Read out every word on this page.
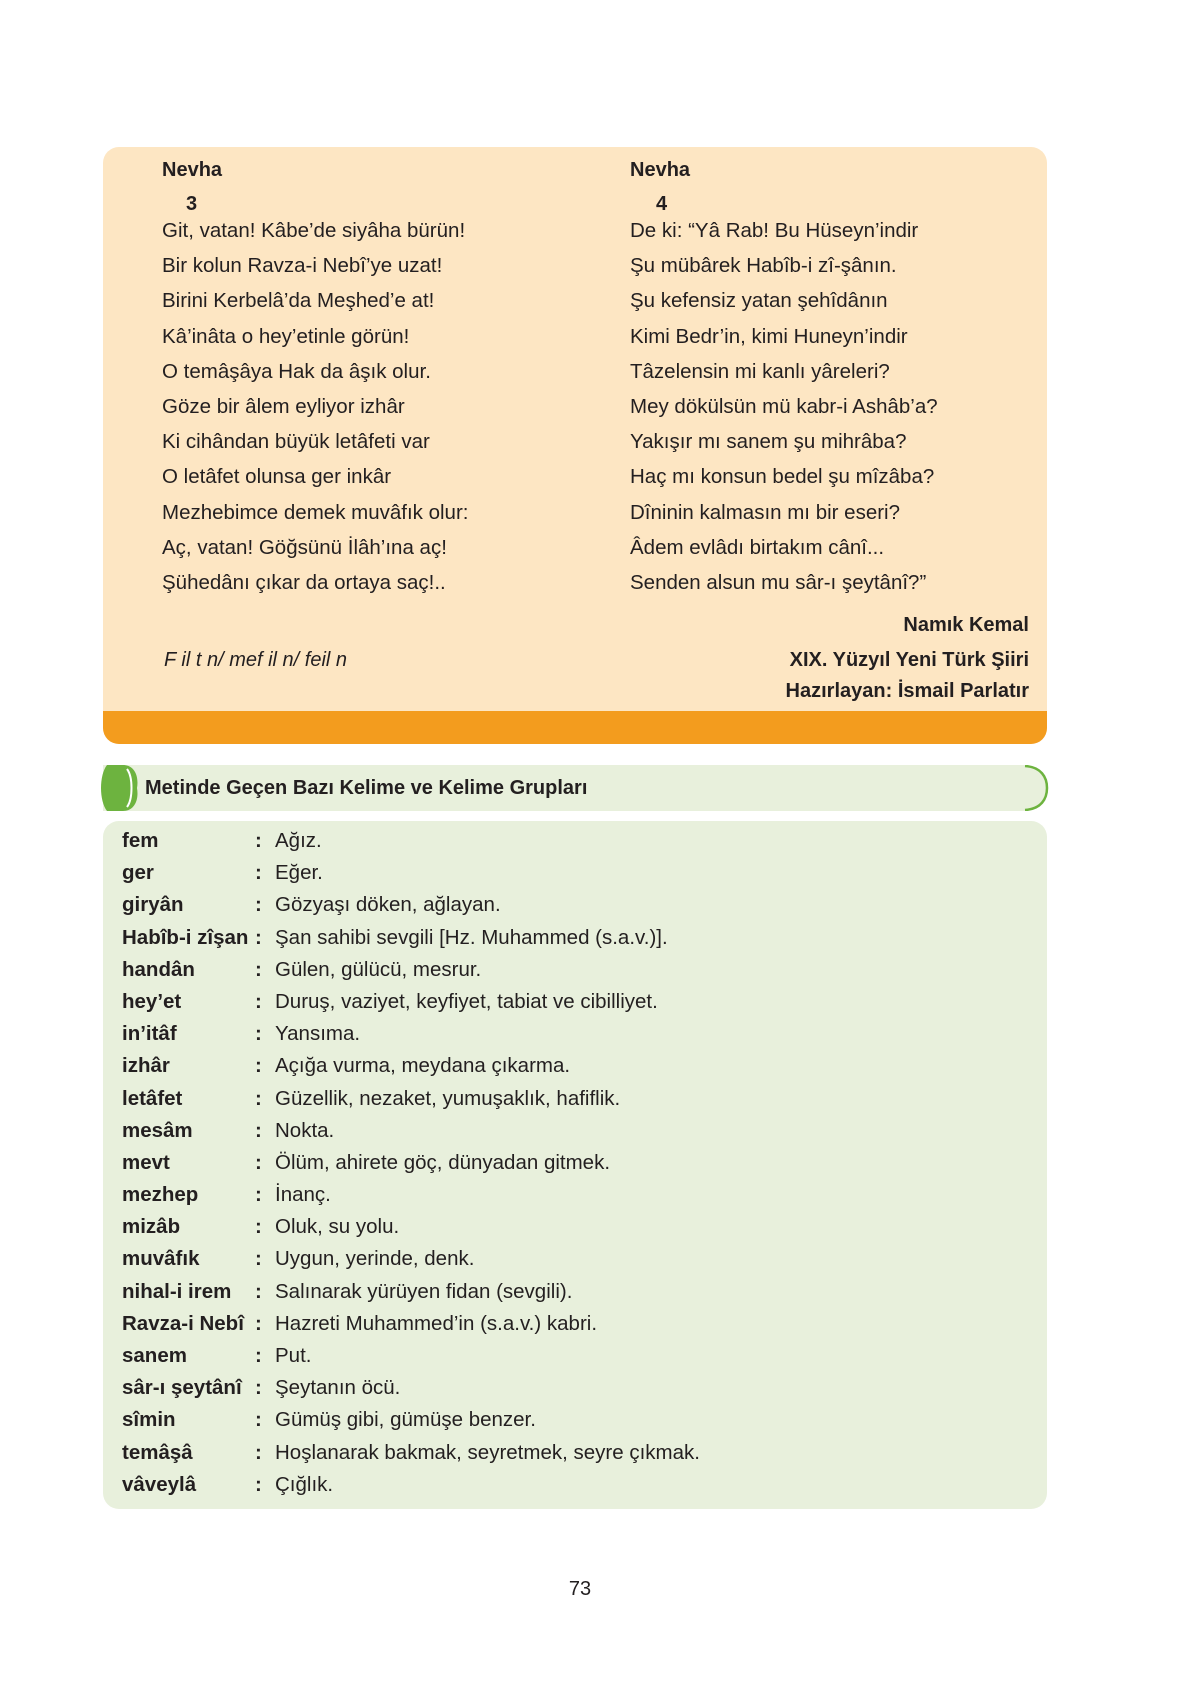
Nevha
3
Git, vatan! Kâbe’de siyâha bürün!
Bir kolun Ravza-i Nebî’ye uzat!
Birini Kerbelâ’da Meşhed’e at!
Kâ’inâta o hey’etinle görün!
O temâşâya Hak da âşık olur.
Göze bir âlem eyliyor izhâr
Ki cihândan büyük letâfeti var
O letâfet olunsa ger inkâr
Mezhebimce demek muvâfık olur:
Aç, vatan! Göğsünü İlâh’ına aç!
Şühedânı çıkar da ortaya saç!..
F il t n/ mef il n/ feil n
Nevha
4
De ki: “Yâ Rab! Bu Hüseyn’indir
Şu mübârek Habîb-i zî-şânın.
Şu kefensiz yatan şehîdânın
Kimi Bedr’in, kimi Huneyn’indir
Tâzelensin mi kanlı yâreleri?
Mey dökülsün mü kabr-i Ashâb’a?
Yakışır mı sanem şu mihrâba?
Haç mı konsun bedel şu mîzâba?
Dîninin kalmasın mı bir eseri?
Âdem evlâdı birtakım cânî...
Senden alsun mu sâr-ı şeytânî?”
Namık Kemal
XIX. Yüzyıl Yeni Türk Şiiri
Hazırlayan: İsmail Parlatır
Metinde Geçen Bazı Kelime ve Kelime Grupları
fem	: Ağız.
ger	: Eğer.
giryân	: Gözyaşı döken, ağlayan.
Habîb-i zîşan : Şan sahibi sevgili [Hz. Muhammed (s.a.v.)].
handân	: Gülen, gülücü, mesrur.
hey’et	: Duruş, vaziyet, keyfiyet, tabiat ve cibilliyet.
in’itâf	: Yansıma.
izhâr	: Açığa vurma, meydana çıkarma.
letâfet	: Güzellik, nezaket, yumuşaklık, hafiflik.
mesâm	: Nokta.
mevt	: Ölüm, ahirete göç, dünyadan gitmek.
mezhep	: İnanç.
mizâb	: Oluk, su yolu.
muvâfık	: Uygun, yerinde, denk.
nihal-i irem : Salınarak yürüyen fidan (sevgili).
Ravza-i Nebî : Hazreti Muhammed’in (s.a.v.) kabri.
sanem	: Put.
sâr-ı şeytânî : Şeytanın öcü.
sîmin	: Gümüş gibi, gümüşe benzer.
temâşâ	: Hoşlanarak bakmak, seyretmek, seyre çıkmak.
vâveylâ	: Çığlık.
73
